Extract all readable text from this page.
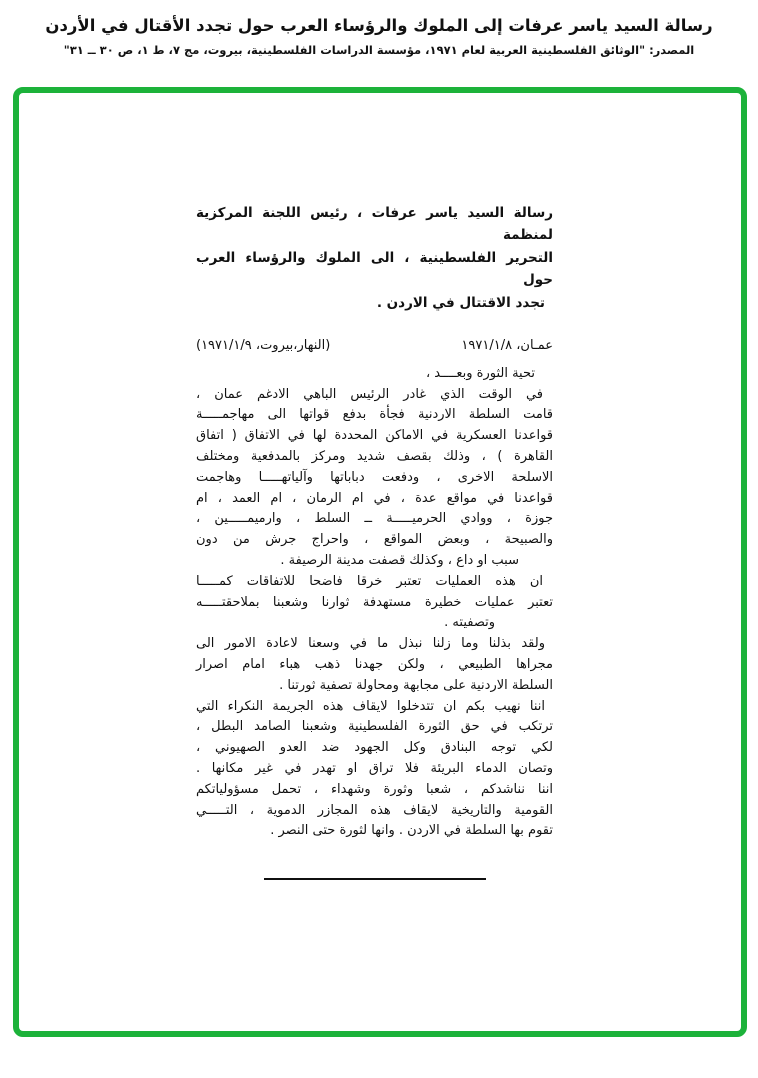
رسالة السيد ياسر عرفات إلى الملوك والرؤساء العرب حول تجدد الأقتال في الأردن
المصدر: "الوثائق الفلسطينية العربية لعام ١٩٧١، مؤسسة الدراسات الفلسطينية، بيروت، مج ٧، ط ١، ص ٣٠ ــ ٣١"
رسالة السيد ياسر عرفات ، رئيس اللجنة المركزية لمنظمة
التحرير الفلسطينية ، الى الملوك والرؤساء العرب حول
تجدد الاقتتال في الاردن .
عمـان، ١٩٧١/١/٨
(النهار،بيروت، ١٩٧١/١/٩)
تحية الثورة وبعــــد ،
في الوقت الذي غادر الرئيس الباهي الادغم عمان ،
قامت السلطة الاردنية فجأة بدفع قواتها الى مهاجمـــــة
قواعدنا العسكرية في الاماكن المحددة لها في الاتفاق ( اتفاق
القاهرة ) ، وذلك بقصف شديد ومركز بالمدفعية ومختلف
الاسلحة الاخرى ، ودفعت دباباتها وآلياتهـــــا وهاجمت
قواعدنا في مواقع عدة ، في ام الرمان ، ام العمد ، ام
جوزة ، ووادي الحرميـــــة ــ السلط ، وارميمـــــين ،
والصبيحة ، وبعض المواقع ، واحراج جرش من دون
سبب او داع ، وكذلك قصفت مدينة الرصيفة .
ان هذه العمليات تعتبر خرقا فاضحا للاتفاقات كمـــــا
تعتبر عمليات خطيرة مستهدفة ثوارنا وشعبنا بملاحقتـــــه
وتصفيته .
ولقد بذلنا وما زلنا نبذل ما في وسعنا لاعادة الامور الى
مجراها الطبيعي ، ولكن جهدنا ذهب هباء امام اصرار
السلطة الاردنية على مجابهة ومحاولة تصفية ثورتنا .
اننا نهيب بكم ان تتدخلوا لايقاف هذه الجريمة النكراء التي
ترتكب في حق الثورة الفلسطينية وشعبنا الصامد البطل ،
لكي توجه البنادق وكل الجهود ضد العدو الصهيوني ،
وتصان الدماء البريئة فلا تراق او تهدر في غير مكانها .
اننا نناشدكم ، شعبا وثورة وشهداء ، تحمل مسؤولياتكم
القومية والتاريخية لايقاف هذه المجازر الدموية ، التـــــي
تقوم بها السلطة في الاردن . وانها لثورة حتى النصر .
